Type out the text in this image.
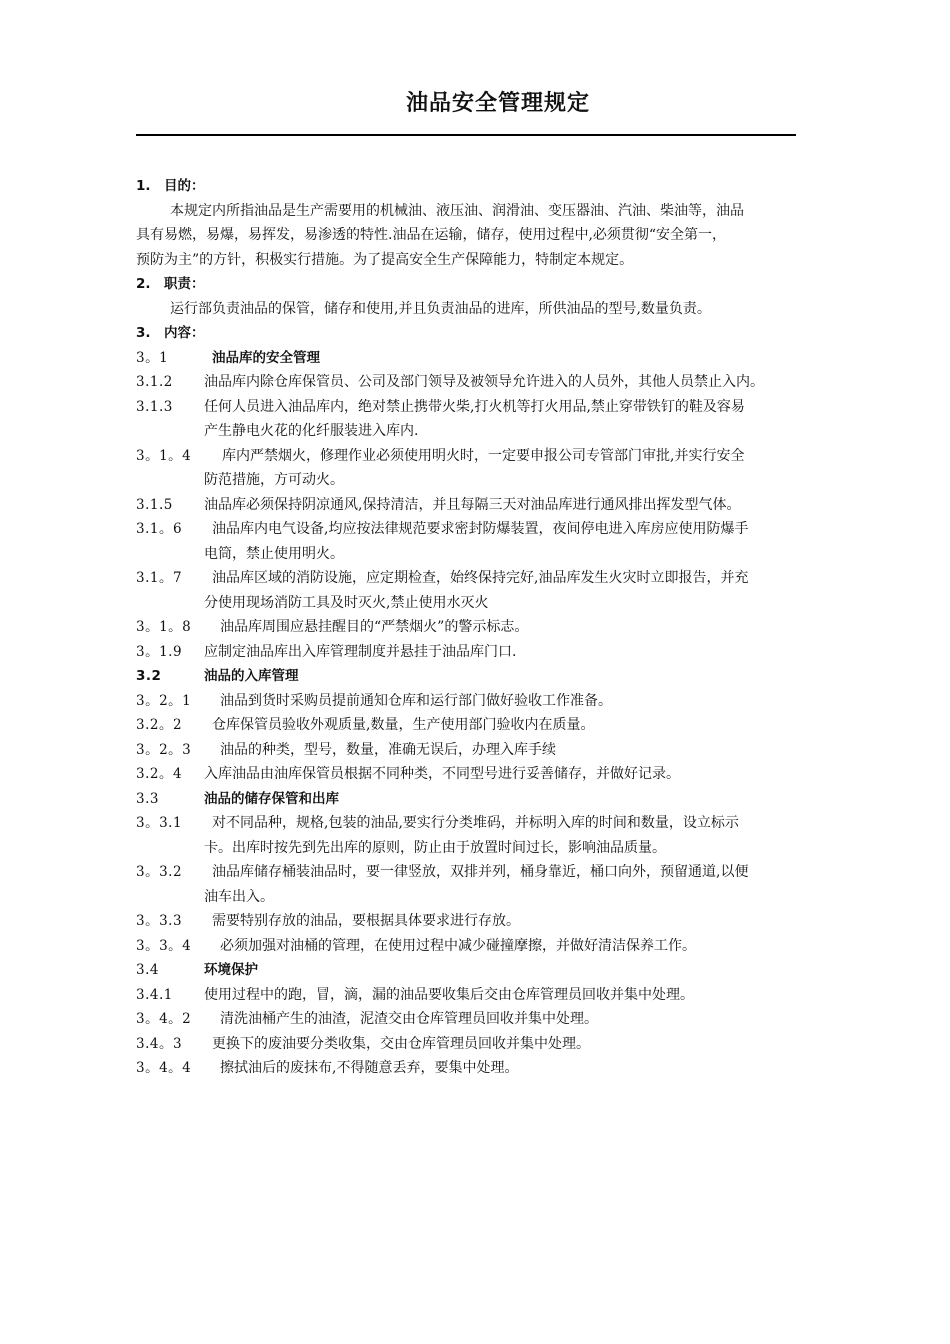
油品安全管理规定
1. 目的：
本规定内所指油品是生产需要用的机械油、液压油、润滑油、变压器油、汽油、柴油等，油品
具有易燃，易爆，易挥发，易渗透的特性.油品在运输，储存，使用过程中,必须贯彻“安全第一，
预防为主”的方针，积极实行措施。为了提高安全生产保障能力，特制定本规定。
2. 职责：
运行部负责油品的保管，储存和使用,并且负责油品的进库，所供油品的型号,数量负责。
3. 内容：
3。1	油品库的安全管理
3.1.2 油品库内除仓库保管员、公司及部门领导及被领导允许进入的人员外，其他人员禁止入内。
3.1.3 任何人员进入油品库内，绝对禁止携带火柴,打火机等打火用品,禁止穿带铁钉的鞋及容易
产生静电火花的化纤服装进入库内.
3。1。4 库内严禁烟火，修理作业必须使用明火时，一定要申报公司专管部门审批,并实行安全
防范措施，方可动火。
3.1.5 油品库必须保持阴凉通风,保持清洁，并且每隔三天对油品库进行通风排出挥发型气体。
3.1。6 油品库内电气设备,均应按法律规范要求密封防爆装置，夜间停电进入库房应使用防爆手
电筒，禁止使用明火。
3.1。7 油品库区域的消防设施，应定期检查，始终保持完好,油品库发生火灾时立即报告，并充
分使用现场消防工具及时灭火,禁止使用水灭火
3。1。8 油品库周围应悬挂醒目的“严禁烟火”的警示标志。
3。1.9 应制定油品库出入库管理制度并悬挂于油品库门口.
3.2	油品的入库管理
3。2。1 油品到货时采购员提前通知仓库和运行部门做好验收工作准备。
3.2。2 仓库保管员验收外观质量,数量，生产使用部门验收内在质量。
3。2。3 油品的种类，型号，数量，准确无误后，办理入库手续
3.2。4 入库油品由油库保管员根据不同种类，不同型号进行妥善储存，并做好记录。
3.3	油品的储存保管和出库
3。3.1 对不同品种，规格,包装的油品,要实行分类堆码，并标明入库的时间和数量，设立标示
卡。出库时按先到先出库的原则，防止由于放置时间过长，影响油品质量。
3。3.2 油品库储存桶装油品时，要一律竖放，双排并列，桶身靠近，桶口向外，预留通道,以便
油车出入。
3。3.3 需要特别存放的油品，要根据具体要求进行存放。
3。3。4 必须加强对油桶的管理，在使用过程中减少碰撞摩擦，并做好清洁保养工作。
3.4	环境保护
3.4.1 使用过程中的跑，冒，滴，漏的油品要收集后交由仓库管理员回收并集中处理。
3。4。2 清洗油桶产生的油渣，泥渣交由仓库管理员回收并集中处理。
3.4。3 更换下的废油要分类收集，交由仓库管理员回收并集中处理。
3。4。4 擦拭油后的废抹布,不得随意丢弃，要集中处理。
